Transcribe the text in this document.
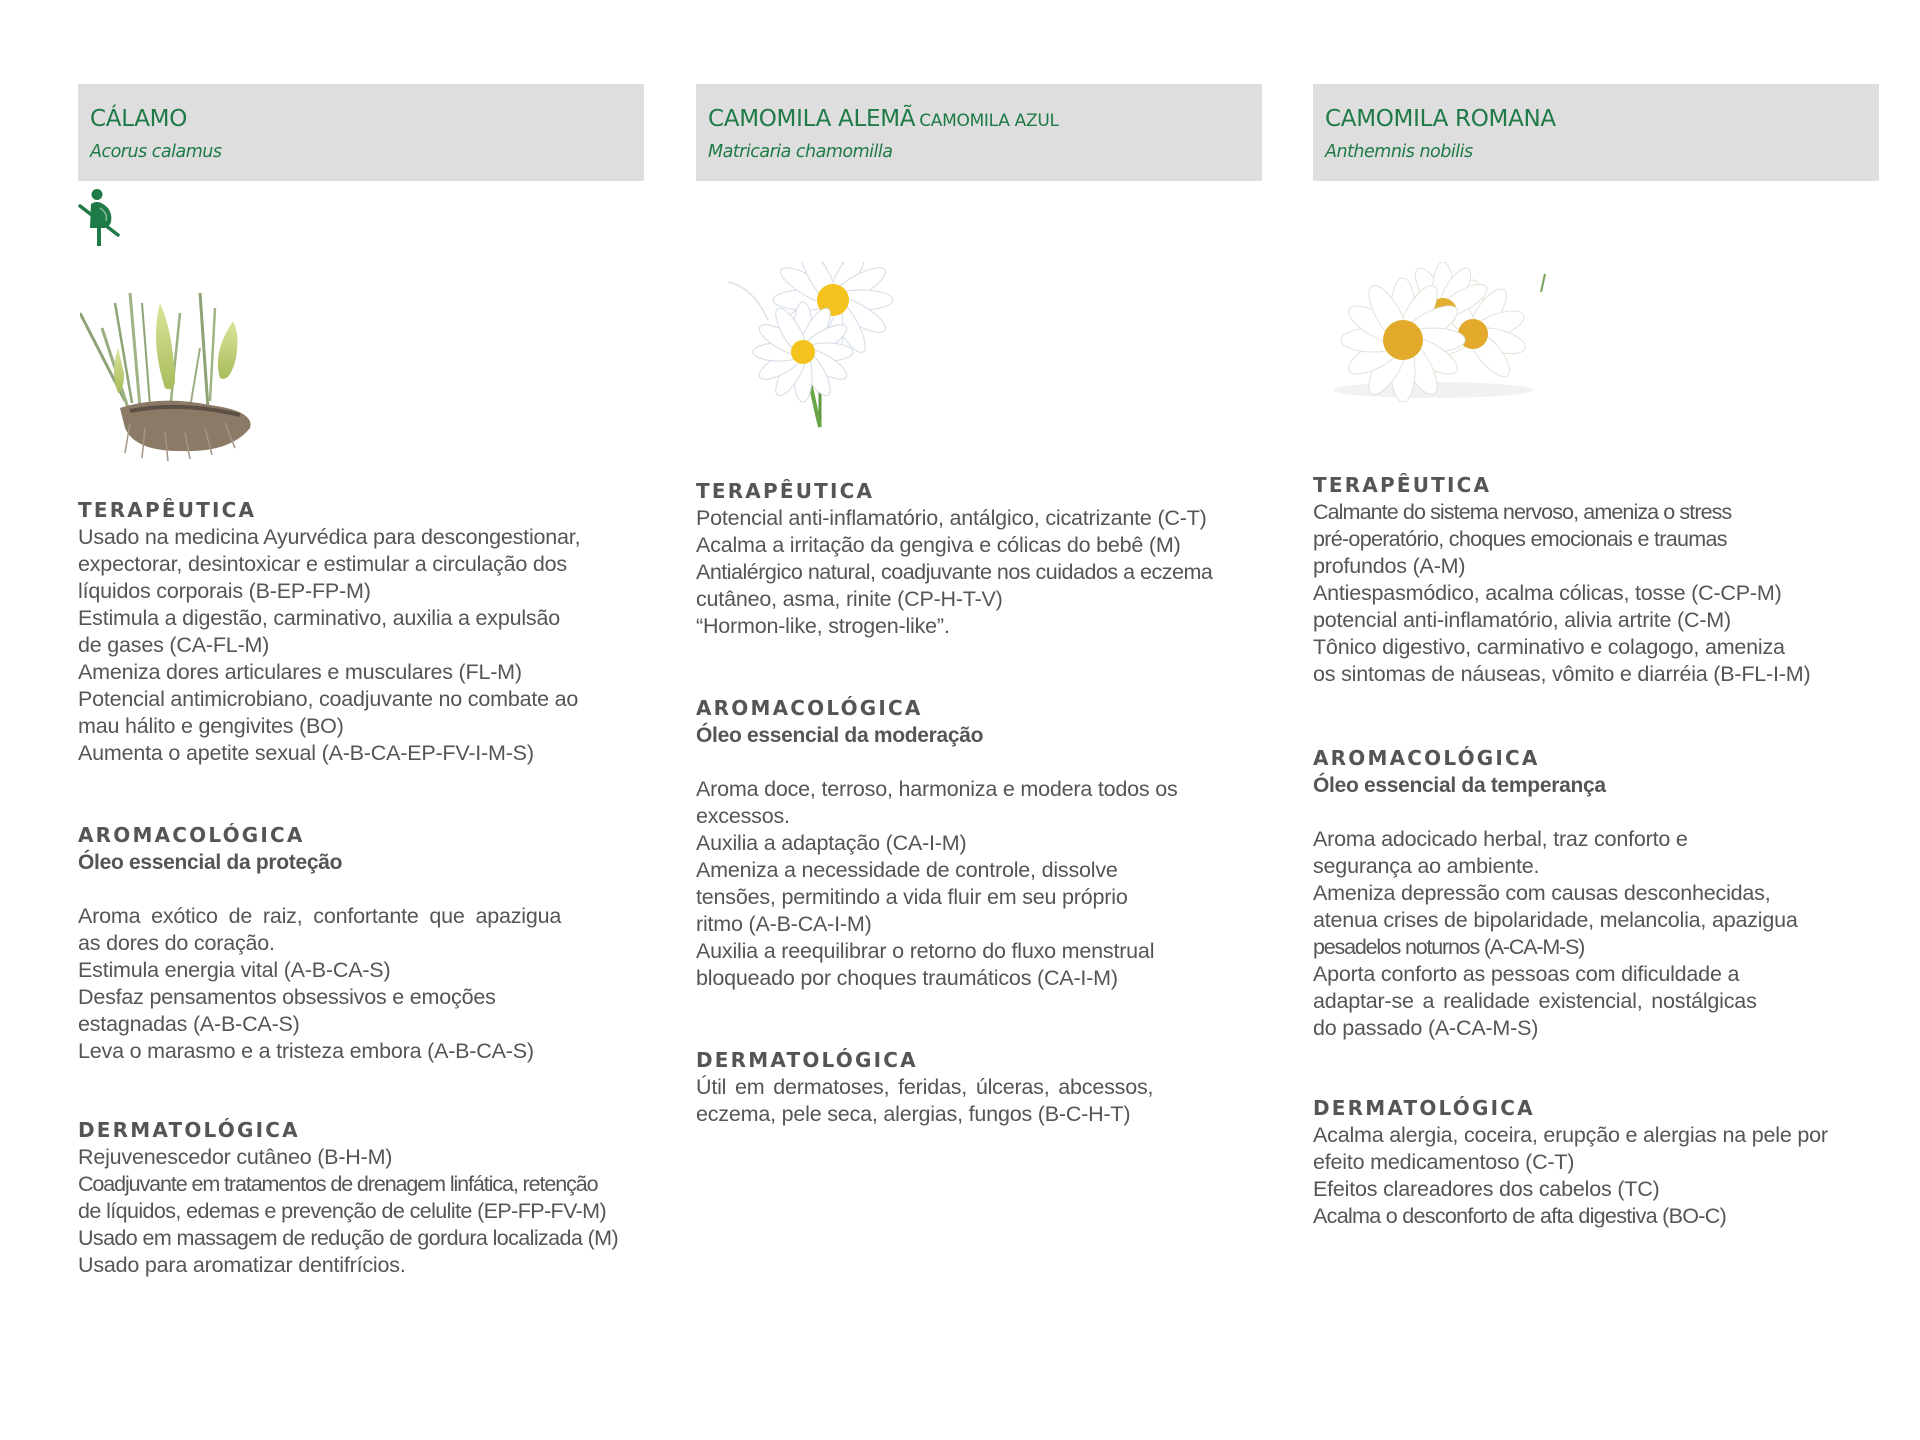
CÁLAMO
Acorus calamus
TERAPÊUTICA
Usado na medicina Ayurvédica para descongestionar,
expectorar, desintoxicar e estimular a circulação dos
líquidos corporais (B-EP-FP-M)
Estimula a digestão, carminativo, auxilia a expulsão
de gases (CA-FL-M)
Ameniza dores articulares e musculares (FL-M)
Potencial antimicrobiano, coadjuvante no combate ao
mau hálito e gengivites (BO)
Aumenta o apetite sexual (A-B-CA-EP-FV-I-M-S)
AROMACOLÓGICA
Óleo essencial da proteção
Aroma exótico de raiz, confortante que apazigua
as dores do coração.
Estimula energia vital (A-B-CA-S)
Desfaz pensamentos obsessivos e emoções
estagnadas (A-B-CA-S)
Leva o marasmo e a tristeza embora (A-B-CA-S)
DERMATOLÓGICA
Rejuvenescedor cutâneo (B-H-M)
Coadjuvante em tratamentos de drenagem linfática, retenção
de líquidos, edemas e prevenção de celulite (EP-FP-FV-M)
Usado em massagem de redução de gordura localizada (M)
Usado para aromatizar dentifrícios.
CAMOMILA ALEMÃ CAMOMILA AZUL
Matricaria chamomilla
TERAPÊUTICA
Potencial anti-inflamatório, antálgico, cicatrizante (C-T)
Acalma a irritação da gengiva e cólicas do bebê (M)
Antialérgico natural, coadjuvante nos cuidados a eczema
cutâneo, asma, rinite (CP-H-T-V)
“Hormon-like, strogen-like”.
AROMACOLÓGICA
Óleo essencial da moderação
Aroma doce, terroso, harmoniza e modera todos os
excessos.
Auxilia a adaptação (CA-I-M)
Ameniza a necessidade de controle, dissolve
tensões, permitindo a vida fluir em seu próprio
ritmo (A-B-CA-I-M)
Auxilia a reequilibrar o retorno do fluxo menstrual
bloqueado por choques traumáticos (CA-I-M)
DERMATOLÓGICA
Útil em dermatoses, feridas, úlceras, abcessos,
eczema, pele seca, alergias, fungos (B-C-H-T)
CAMOMILA ROMANA
Anthemnis nobilis
TERAPÊUTICA
Calmante do sistema nervoso, ameniza o stress
pré-operatório, choques emocionais e traumas
profundos (A-M)
Antiespasmódico, acalma cólicas, tosse (C-CP-M)
potencial anti-inflamatório, alivia artrite (C-M)
Tônico digestivo, carminativo e colagogo, ameniza
os sintomas de náuseas, vômito e diarréia (B-FL-I-M)
AROMACOLÓGICA
Óleo essencial da temperança
Aroma adocicado herbal, traz conforto e
segurança ao ambiente.
Ameniza depressão com causas desconhecidas,
atenua crises de bipolaridade, melancolia, apazigua
pesadelos noturnos (A-CA-M-S)
Aporta conforto as pessoas com dificuldade a
adaptar-se a realidade existencial, nostálgicas
do passado (A-CA-M-S)
DERMATOLÓGICA
Acalma alergia, coceira, erupção e alergias na pele por
efeito medicamentoso (C-T)
Efeitos clareadores dos cabelos (TC)
Acalma o desconforto de afta digestiva (BO-C)
